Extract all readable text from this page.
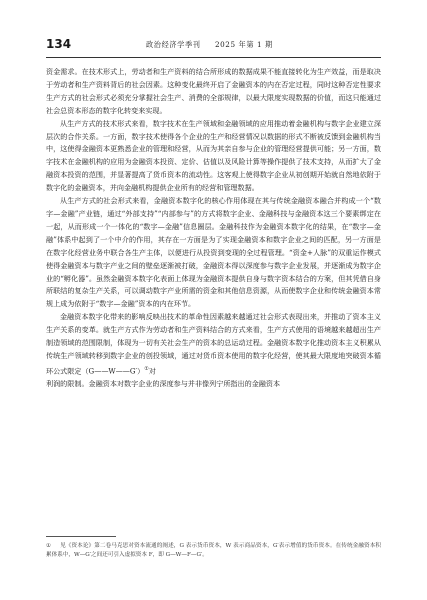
134	政治经济学季刊 2025 年第 1 期

资金需求。在技术形式上，劳动者和生产资料的结合所形成的数据成果不能直接转化为生产效益，而是取决于劳动者和生产资料背后的社会因素。这种变化最终开启了金融资本的内在否定过程，同时这种否定性要求生产方式的社会形式必须充分掌握社会生产、消费的全部规律，以最大限度实现数据的价值，而这只能通过社会总资本形态的数字化转变来实现。

从生产方式的技术形式来看，数字技术在生产领域和金融领域的应用推动着金融机构与数字企业建立深层次的合作关系。一方面，数字技术使得各个企业的生产和经营情况以数据的形式不断被反馈到金融机构当中，这使得金融资本更熟悉企业的管理和经营，从而为其亲自参与企业的管理经营提供可能；另一方面，数字技术在金融机构的应用为金融资本投资、定价、估值以及风险计算等操作提供了技术支持，从而扩大了金融资本投资的范围，并显著提高了货币资本的流动性。这客观上使得数字企业从初创期开始就自然地依附于数字化的金融资本，并向金融机构提供企业所有的经营和管理数据。

从生产方式的社会形式来看，金融资本数字化的核心作用体现在其与传统金融资本融合并构成一个“数字—金融”产业链，通过“外部支持”“内部参与”的方式将数字企业、金融科技与金融资本这三个要素绑定在一起，从而形成一个一体化的“数字—金融”信息圈层。金融科技作为金融资本数字化的结果，在“数字—金融”体系中起到了一个中介的作用，其存在一方面是为了实现金融资本和数字企业之间的匹配，另一方面是在数字化经营业务中联合各生产主体，以便进行从投资到变现的全过程管理。“资金+人脉”的双重运作模式使得金融资本与数字产业之间的壁垒逐渐被打破，金融资本得以深度参与数字企业发展，并逐渐成为数字企业的“孵化器”。虽然金融资本数字化表面上体现为金融资本提供自身与数字资本结合的方案，但其凭借自身所联结的复杂生产关系，可以调动数字产业所需的资金和其他信息资源，从而使数字企业和传统金融资本常规上成为依附于“数字—金融”资本的内在环节。

金融资本数字化带来的影响反映出技术的革命性因素越来越通过社会形式表现出来，并推动了资本主义生产关系的变革。就生产方式作为劳动者和生产资料结合的方式来看，生产方式使用的语境越来越超出生产制造领域的范围限制，体现为一切有关社会生产的资本的总运动过程。金融资本数字化推动资本主义积累从传统生产领域转移到数字企业的创投领域，通过对货币资本使用的数字化经营，使其最大限度地突破资本循环公式限定（G——W——G′）①对

利润的限制。金融资本对数字企业的深度参与并非像列宁所指出的金融资本

① 见《资本论》第二卷马克思对资本流通的阐述，G 表示货币资本，W 表示商品资本，G′表示增值的货币资本。在传统金融资本积累体系中，W—G′之间还可引入虚拟资本 F，即 G—W—F—G′。
